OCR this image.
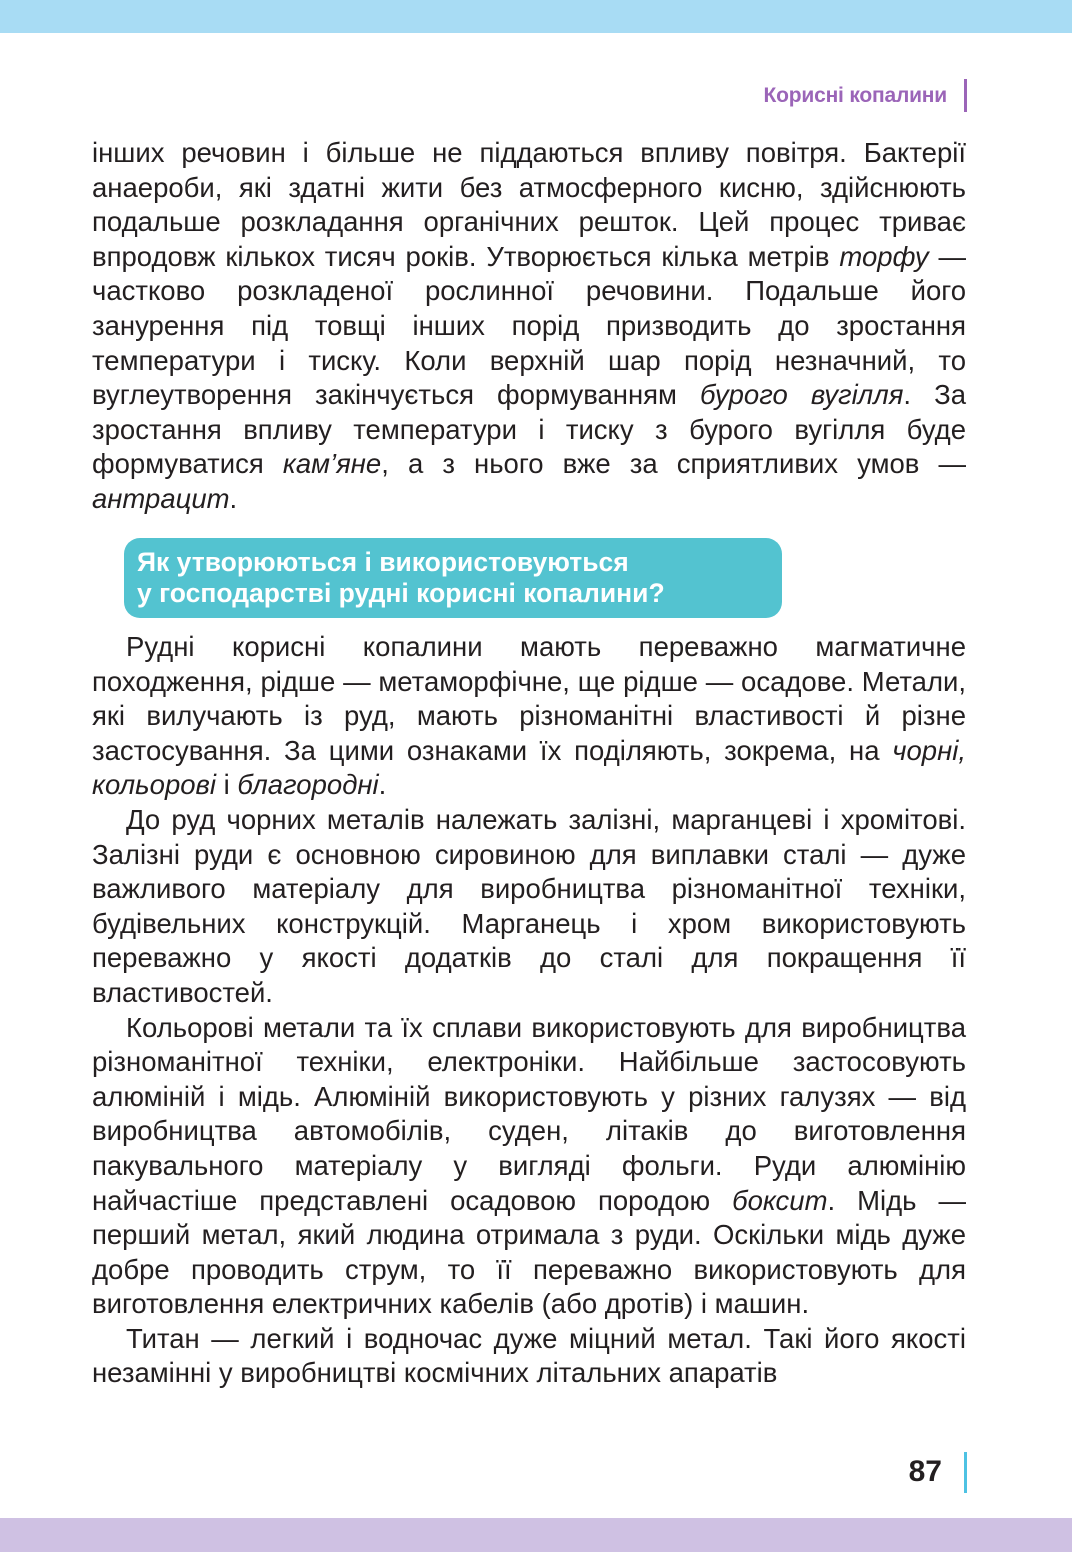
Корисні копалини

інших речовин і більше не піддаються впливу повітря. Бактерії анаероби, які здатні жити без атмосферного кисню, здійснюють подальше розкладання органічних решток. Цей процес триває впродовж кількох тисяч років. Утворюється кілька метрів торфу — частково розкладеної рослинної речовини. Подальше його занурення під товщі інших порід призводить до зростання температури і тиску. Коли верхній шар порід незначний, то вуглеутворення закінчується формуванням бурого вугілля. За зростання впливу температури і тиску з бурого вугілля буде формуватися кам’яне, а з нього вже за сприятливих умов — антрацит.

Як утворюються і використовуються
у господарстві рудні корисні копалини?

Рудні корисні копалини мають переважно магматичне походження, рідше — метаморфічне, ще рідше — осадове. Метали, які вилучають із руд, мають різноманітні властивості й різне застосування. За цими ознаками їх поділяють, зокрема, на чорні, кольорові і благородні.

До руд чорних металів належать залізні, марганцеві і хромітові. Залізні руди є основною сировиною для виплавки сталі — дуже важливого матеріалу для виробництва різноманітної техніки, будівельних конструкцій. Марганець і хром використовують переважно у якості додатків до сталі для покращення її властивостей.

Кольорові метали та їх сплави використовують для виробництва різноманітної техніки, електроніки. Найбільше застосовують алюміній і мідь. Алюміній використовують у різних галузях — від виробництва автомобілів, суден, літаків до виготовлення пакувального матеріалу у вигляді фольги. Руди алюмінію найчастіше представлені осадовою породою боксит. Мідь — перший метал, який людина отримала з руди. Оскільки мідь дуже добре проводить струм, то її переважно використовують для виготовлення електричних кабелів (або дротів) і машин.

Титан — легкий і водночас дуже міцний метал. Такі його якості незамінні у виробництві космічних літальних апаратів

87
